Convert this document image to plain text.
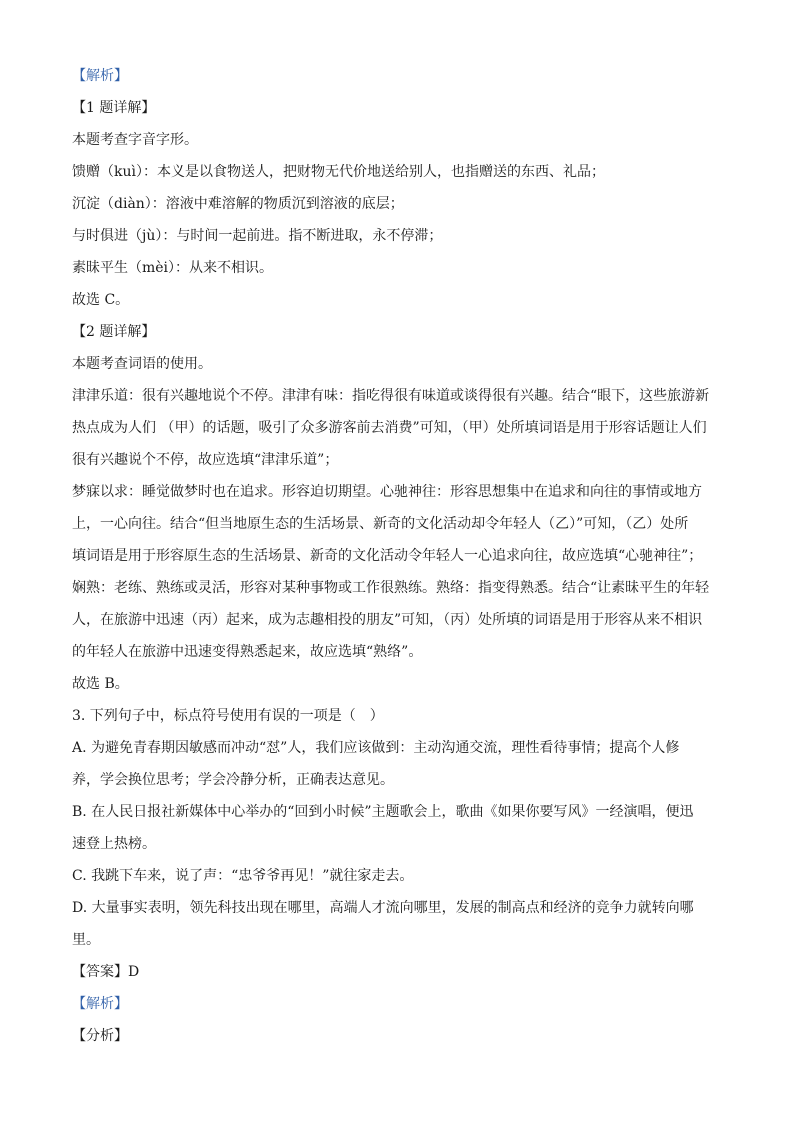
【解析】
【1 题详解】
本题考查字音字形。
馈赠（kuì）：本义是以食物送人，把财物无代价地送给别人，也指赠送的东西、礼品；
沉淀（diàn）：溶液中难溶解的物质沉到溶液的底层；
与时俱进（jù）：与时间一起前进。指不断进取，永不停滞；
素昧平生（mèi）：从来不相识。
故选 C。
【2 题详解】
本题考查词语的使用。
津津乐道：很有兴趣地说个不停。津津有味：指吃得很有味道或谈得很有兴趣。结合“眼下，这些旅游新
热点成为人们 （甲）的话题，吸引了众多游客前去消费”可知，（甲）处所填词语是用于形容话题让人们
很有兴趣说个不停，故应选填“津津乐道”；
梦寐以求：睡觉做梦时也在追求。形容迫切期望。心驰神往：形容思想集中在追求和向往的事情或地方
上，一心向往。结合“但当地原生态的生活场景、新奇的文化活动却令年轻人（乙）”可知，（乙）处所
填词语是用于形容原生态的生活场景、新奇的文化活动令年轻人一心追求向往，故应选填“心驰神往”；
娴熟：老练、熟练或灵活，形容对某种事物或工作很熟练。熟络：指变得熟悉。结合“让素昧平生的年轻
人，在旅游中迅速（丙）起来，成为志趣相投的朋友”可知，（丙）处所填的词语是用于形容从来不相识
的年轻人在旅游中迅速变得熟悉起来，故应选填“熟络”。
故选 B。
3. 下列句子中，标点符号使用有误的一项是（　）
A. 为避免青春期因敏感而冲动“怼”人，我们应该做到：主动沟通交流，理性看待事情；提高个人修
养，学会换位思考；学会冷静分析，正确表达意见。
B. 在人民日报社新媒体中心举办的“回到小时候”主题歌会上，歌曲《如果你要写风》一经演唱，便迅
速登上热榜。
C. 我跳下车来，说了声：“忠爷爷再见！”就往家走去。
D. 大量事实表明，领先科技出现在哪里，高端人才流向哪里，发展的制高点和经济的竞争力就转向哪
里。
【答案】D
【解析】
【分析】
